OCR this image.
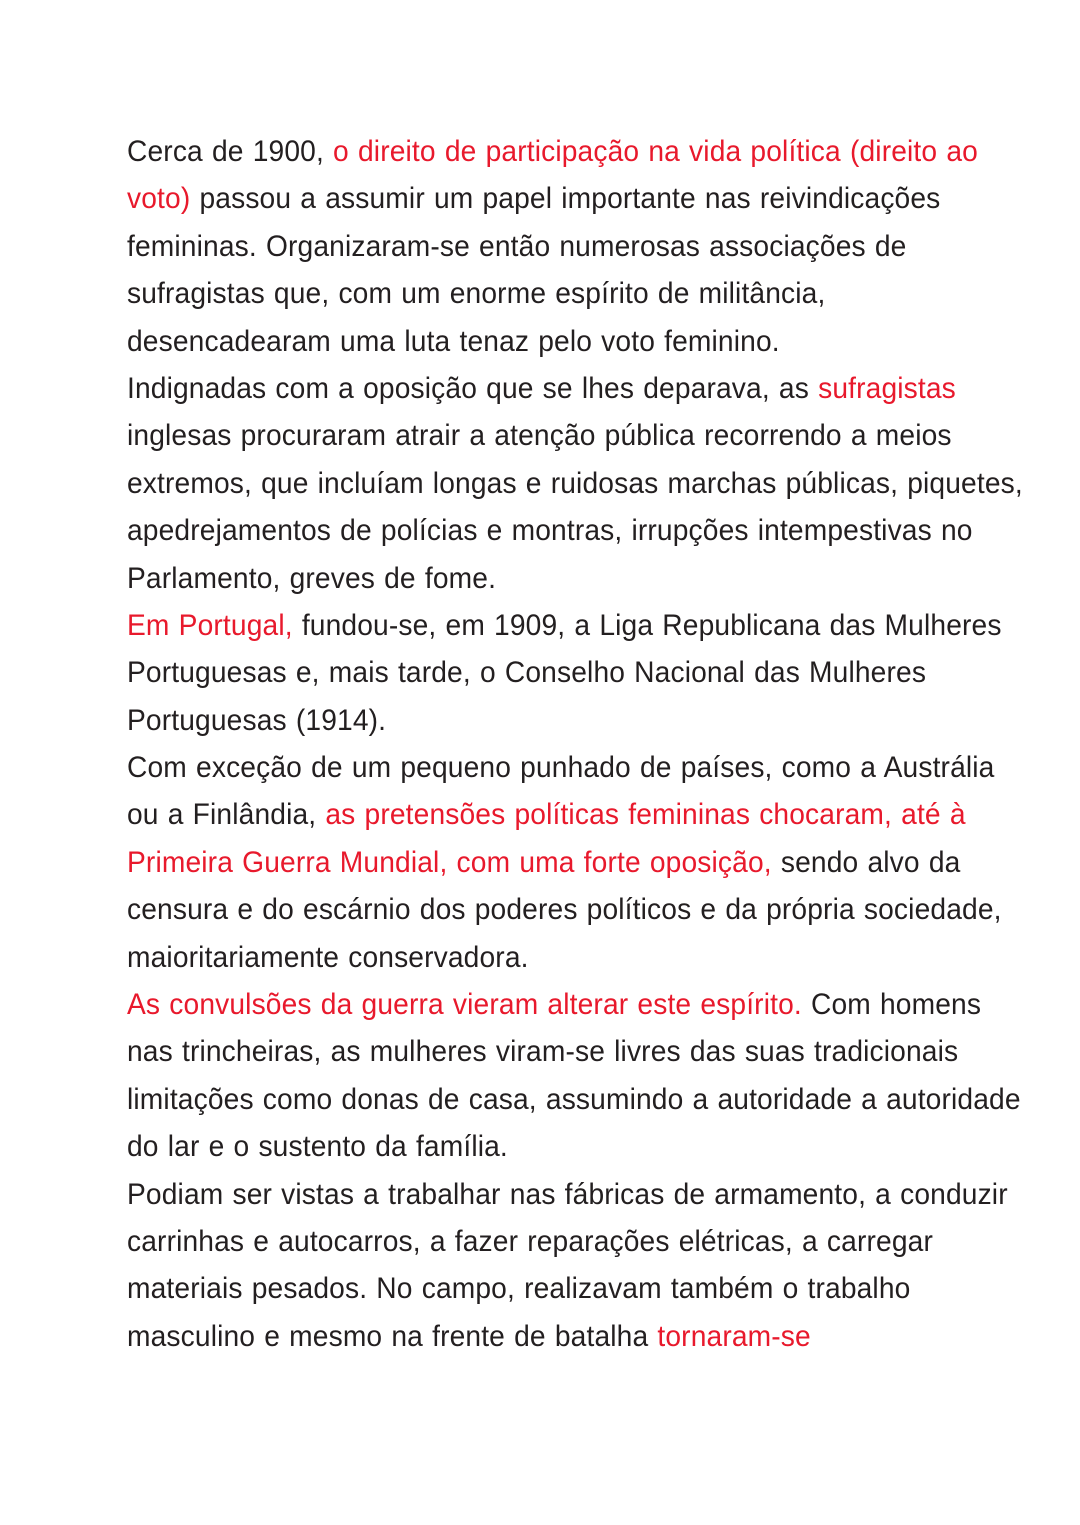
Cerca de 1900, o direito de participação na vida política (direito ao
voto) passou a assumir um papel importante nas reivindicações
femininas. Organizaram-se então numerosas associações de
sufragistas que, com um enorme espírito de militância,
desencadearam uma luta tenaz pelo voto feminino.
Indignadas com a oposição que se lhes deparava, as sufragistas
inglesas procuraram atrair a atenção pública recorrendo a meios
extremos, que incluíam longas e ruidosas marchas públicas, piquetes,
apedrejamentos de polícias e montras, irrupções intempestivas no
Parlamento, greves de fome.
Em Portugal, fundou-se, em 1909, a Liga Republicana das Mulheres
Portuguesas e, mais tarde, o Conselho Nacional das Mulheres
Portuguesas (1914).
Com exceção de um pequeno punhado de países, como a Austrália
ou a Finlândia, as pretensões políticas femininas chocaram, até à
Primeira Guerra Mundial, com uma forte oposição, sendo alvo da
censura e do escárnio dos poderes políticos e da própria sociedade,
maioritariamente conservadora.
As convulsões da guerra vieram alterar este espírito. Com homens
nas trincheiras, as mulheres viram-se livres das suas tradicionais
limitações como donas de casa, assumindo a autoridade a autoridade
do lar e o sustento da família.
Podiam ser vistas a trabalhar nas fábricas de armamento, a conduzir
carrinhas e autocarros, a fazer reparações elétricas, a carregar
materiais pesados. No campo, realizavam também o trabalho
masculino e mesmo na frente de batalha tornaram-se
